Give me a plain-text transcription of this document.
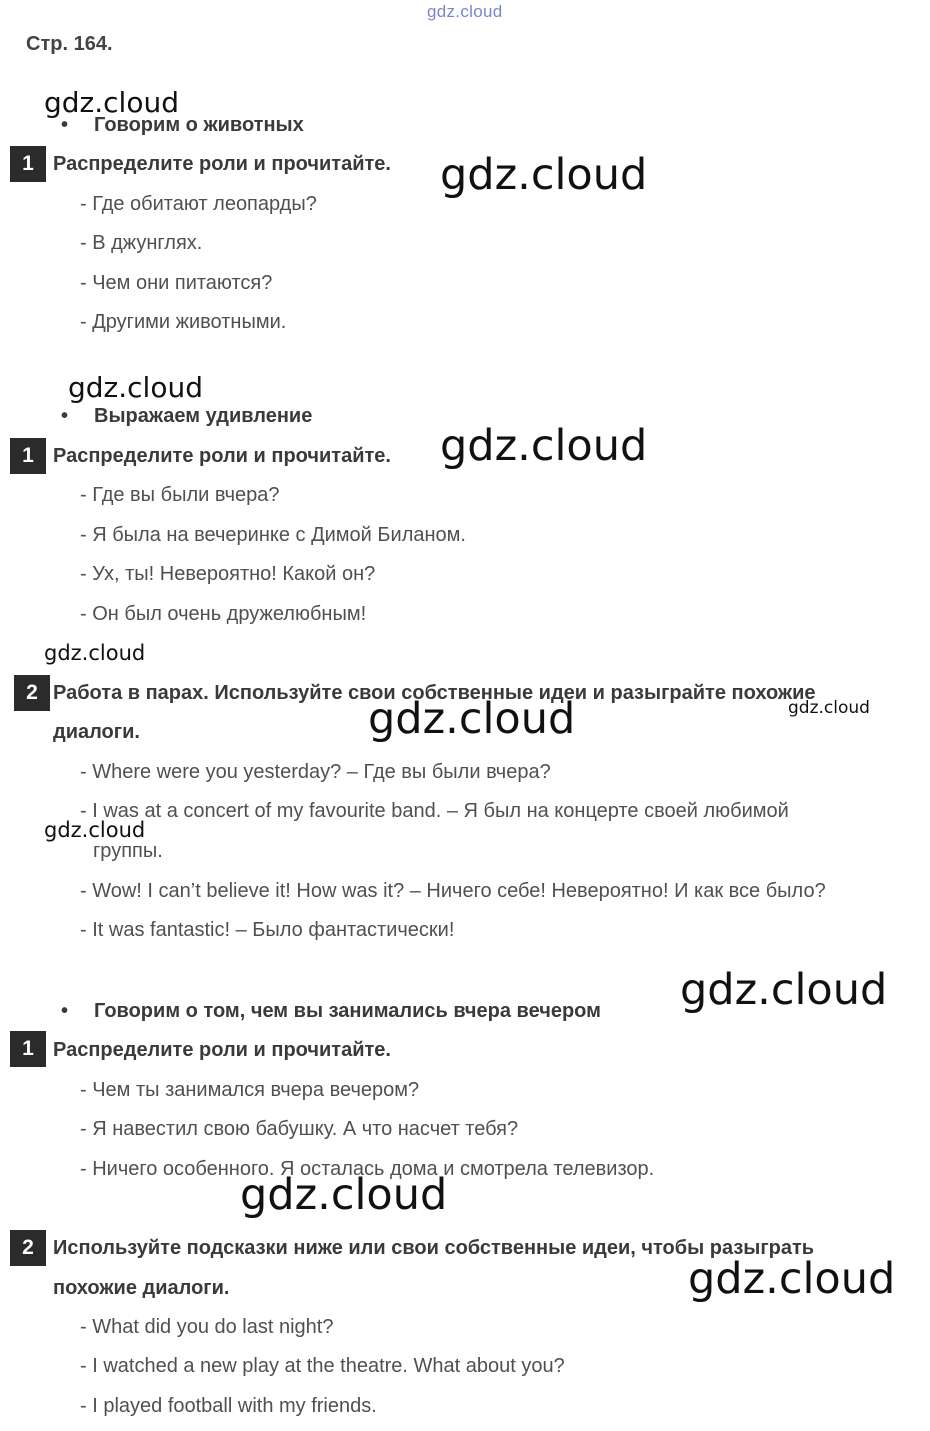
gdz.cloud
Стр. 164.
• Говорим о животных
gdz.cloud
1 Распределите роли и прочитайте. gdz.cloud
- Где обитают леопарды?
- В джунглях.
- Чем они питаются?
- Другими животными.
gdz.cloud
• Выражаем удивление
1 Распределите роли и прочитайте. gdz.cloud
- Где вы были вчера?
- Я была на вечеринке с Димой Биланом.
- Ух, ты! Невероятно! Какой он?
- Он был очень дружелюбным!
gdz.cloud
2 Работа в парах. Используйте свои собственные идеи и разыграйте похожие
диалоги.
gdz.cloud
gdz.cloud
- Where were you yesterday? – Где вы были вчера?
- I was at a concert of my favourite band. – Я был на концерте своей любимой
gdz.cloud
группы.
- Wow! I can’t believe it! How was it? – Ничего себе! Невероятно! И как все было?
- It was fantastic! – Было фантастически!
• Говорим о том, чем вы занимались вчера вечером gdz.cloud
1 Распределите роли и прочитайте.
- Чем ты занимался вчера вечером?
- Я навестил свою бабушку. А что насчет тебя?
- Ничего особенного. Я осталась дома и смотрела телевизор.
gdz.cloud
2 Используйте подсказки ниже или свои собственные идеи, чтобы разыграть
похожие диалоги.	gdz.cloud
- What did you do last night?
- I watched a new play at the theatre. What about you?
- I played football with my friends.
